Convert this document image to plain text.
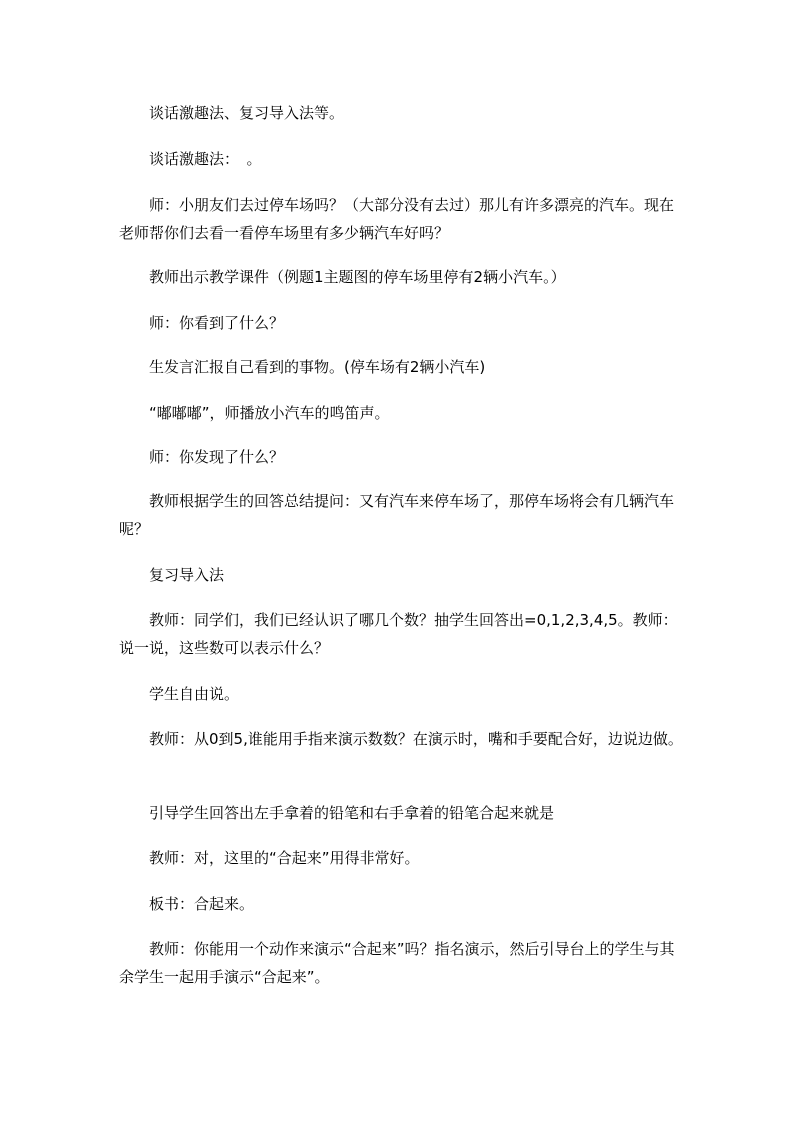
谈话激趣法、复习导入法等。

谈话激趣法：　。

师：小朋友们去过停车场吗？（大部分没有去过）那儿有许多漂亮的汽车。现在老师帮你们去看一看停车场里有多少辆汽车好吗？

教师出示教学课件（例题1主题图的停车场里停有2辆小汽车。）

师：你看到了什么？

生发言汇报自己看到的事物。(停车场有2辆小汽车)

“嘟嘟嘟”，师播放小汽车的鸣笛声。

师：你发现了什么？

教师根据学生的回答总结提问：又有汽车来停车场了，那停车场将会有几辆汽车呢？

复习导入法

教师：同学们，我们已经认识了哪几个数？抽学生回答出=0,1,2,3,4,5。教师：说一说，这些数可以表示什么？

学生自由说。

教师：从0到5,谁能用手指来演示数数？在演示时，嘴和手要配合好，边说边做。

引导学生回答出左手拿着的铅笔和右手拿着的铅笔合起来就是

教师：对，这里的“合起来”用得非常好。

板书：合起来。

教师：你能用一个动作来演示“合起来”吗？指名演示，然后引导台上的学生与其余学生一起用手演示“合起来”。
